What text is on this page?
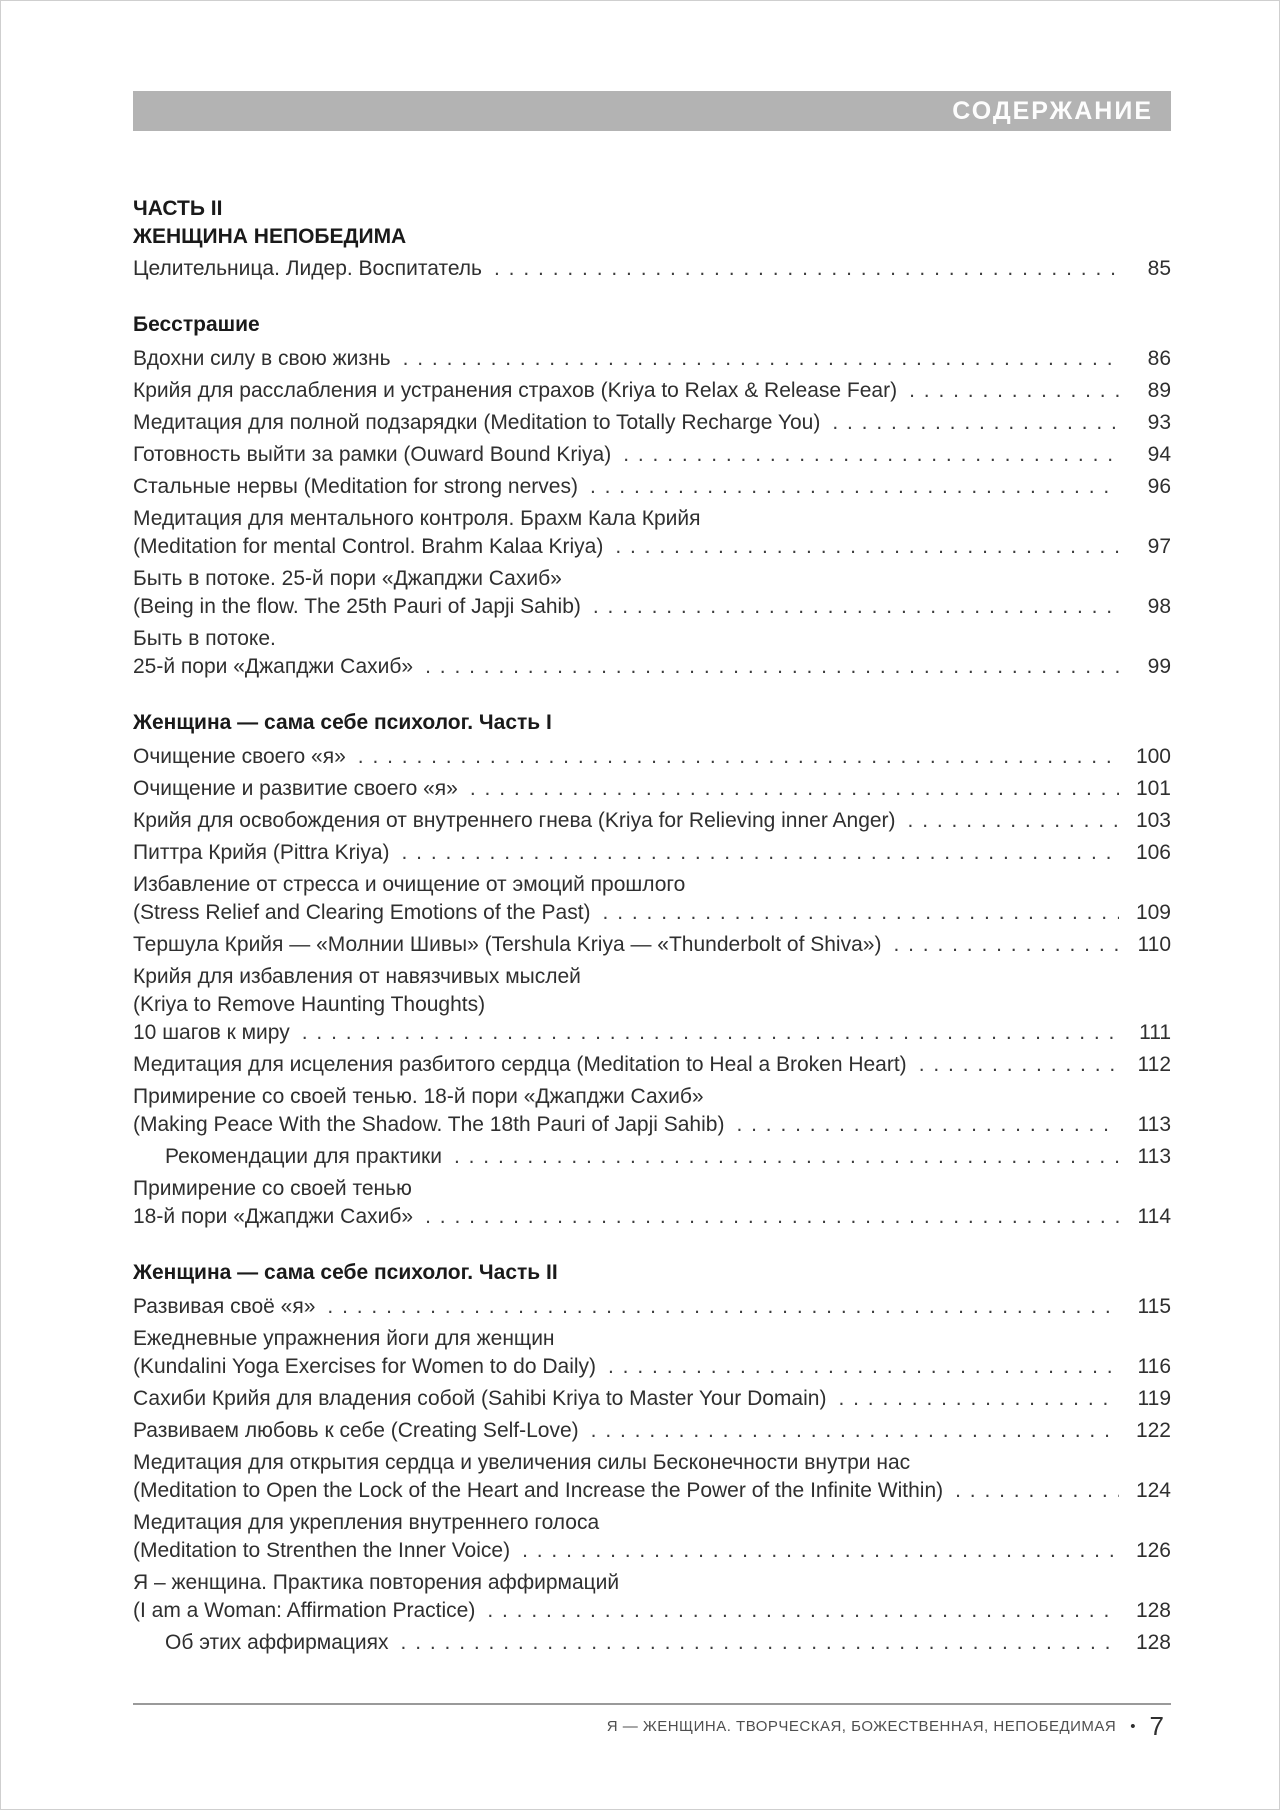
СОДЕРЖАНИЕ
ЧАСТЬ II
ЖЕНЩИНА НЕПОБЕДИМА
Целительница. Лидер. Воспитатель . . .	85
Бесстрашие
Вдохни силу в свою жизнь . . .	86
Крийя для расслабления и устранения страхов (Kriya to Relax & Release Fear) . . .	89
Медитация для полной подзарядки (Meditation to Totally Recharge You) . . .	93
Готовность выйти за рамки (Ouward Bound Kriya) . . .	94
Стальные нервы (Meditation for strong nerves) . . .	96
Медитация для ментального контроля. Брахм Кала Крийя
(Meditation for mental Control. Brahm Kalaa Kriya) . . .	97
Быть в потоке. 25-й пори «Джапджи Сахиб»
(Being in the flow. The 25th Pauri of Japji Sahib) . . .	98
Быть в потоке.
25-й пори «Джапджи Сахиб» . . .	99
Женщина — сама себе психолог. Часть I
Очищение своего «я» . . .	100
Очищение и развитие своего «я» . . .	101
Крийя для освобождения от внутреннего гнева (Kriya for Relieving inner Anger) . . .	103
Питтра Крийя (Pittra Kriya) . . .	106
Избавление от стресса и очищение от эмоций прошлого
(Stress Relief and Clearing Emotions of the Past) . . .	109
Тершула Крийя — «Молнии Шивы» (Tershula Kriya — «Thunderbolt of Shiva») . . .	110
Крийя для избавления от навязчивых мыслей
(Kriya to Remove Haunting Thoughts)
10 шагов к миру . . .	111
Медитация для исцеления разбитого сердца (Meditation to Heal a Broken Heart) . . .	112
Примирение со своей тенью. 18-й пори «Джапджи Сахиб»
(Making Peace With the Shadow. The 18th Pauri of Japji Sahib) . . .	113
Рекомендации для практики . . .	113
Примирение со своей тенью
18-й пори «Джапджи Сахиб» . . .	114
Женщина — сама себе психолог. Часть II
Развивая своё «я» . . .	115
Ежедневные упражнения йоги для женщин
(Kundalini Yoga Exercises for Women to do Daily) . . .	116
Сахиби Крийя для владения собой (Sahibi Kriya to Master Your Domain) . . .	119
Развиваем любовь к себе (Creating Self-Love) . . .	122
Медитация для открытия сердца и увеличения силы Бесконечности внутри нас
(Meditation to Open the Lock of the Heart and Increase the Power of the Infinite Within) . . .	124
Медитация для укрепления внутреннего голоса
(Meditation to Strenthen the Inner Voice) . . .	126
Я – женщина. Практика повторения аффирмаций
(I am a Woman: Affirmation Practice) . . .	128
Об этих аффирмациях . . .	128
Я — ЖЕНЩИНА. ТВОРЧЕСКАЯ, БОЖЕСТВЕННАЯ, НЕПОБЕДИМАЯ • 7
